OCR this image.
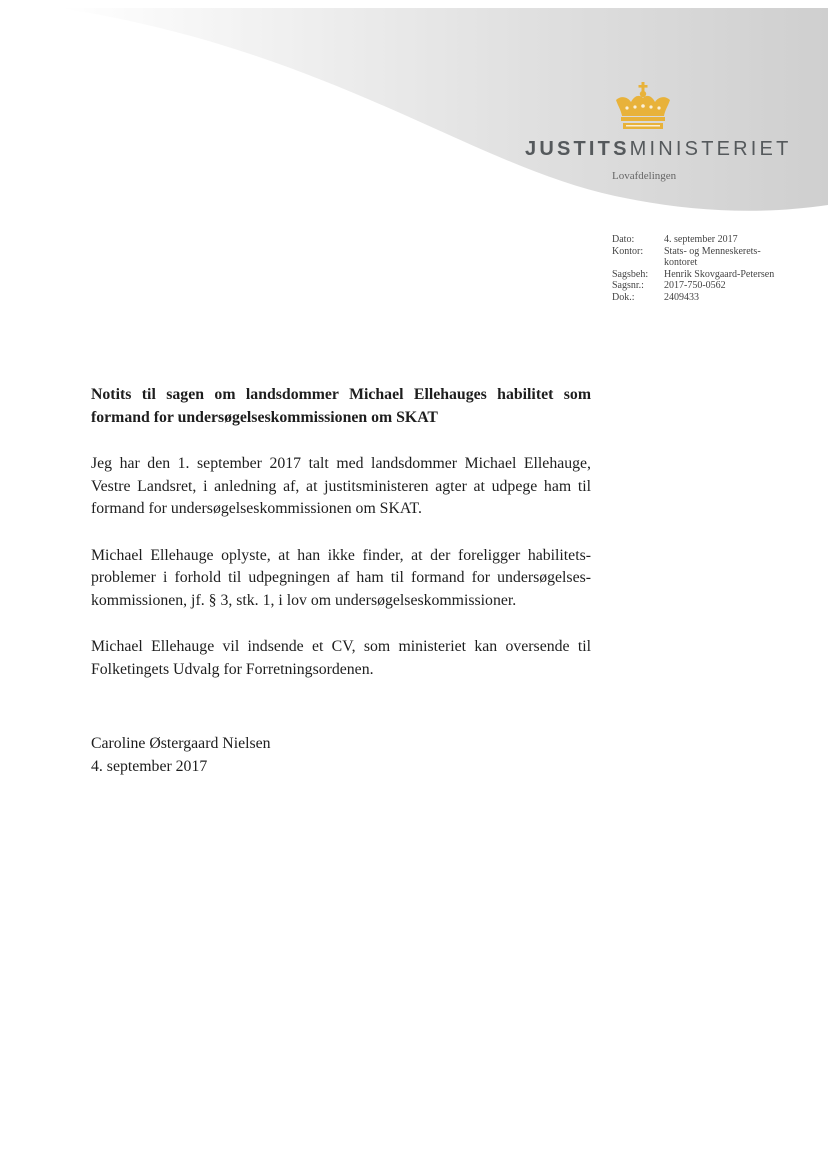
JUSTITSMINISTERIET
Lovafdelingen
Dato:	4. september 2017
Kontor:	Stats- og Menneskerets-kontoret
Sagsbeh:	Henrik Skovgaard-Petersen
Sagsnr.:	2017-750-0562
Dok.:	2409433
Notits til sagen om landsdommer Michael Ellehauges habilitet som formand for undersøgelseskommissionen om SKAT

Jeg har den 1. september 2017 talt med landsdommer Michael Ellehauge, Vestre Landsret, i anledning af, at justitsministeren agter at udpege ham til formand for undersøgelseskommissionen om SKAT.

Michael Ellehauge oplyste, at han ikke finder, at der foreligger habilitets-problemer i forhold til udpegningen af ham til formand for undersøgelses-kommissionen, jf. § 3, stk. 1, i lov om undersøgelseskommissioner.

Michael Ellehauge vil indsende et CV, som ministeriet kan oversende til Folketingets Udvalg for Forretningsordenen.

Caroline Østergaard Nielsen
4. september 2017
